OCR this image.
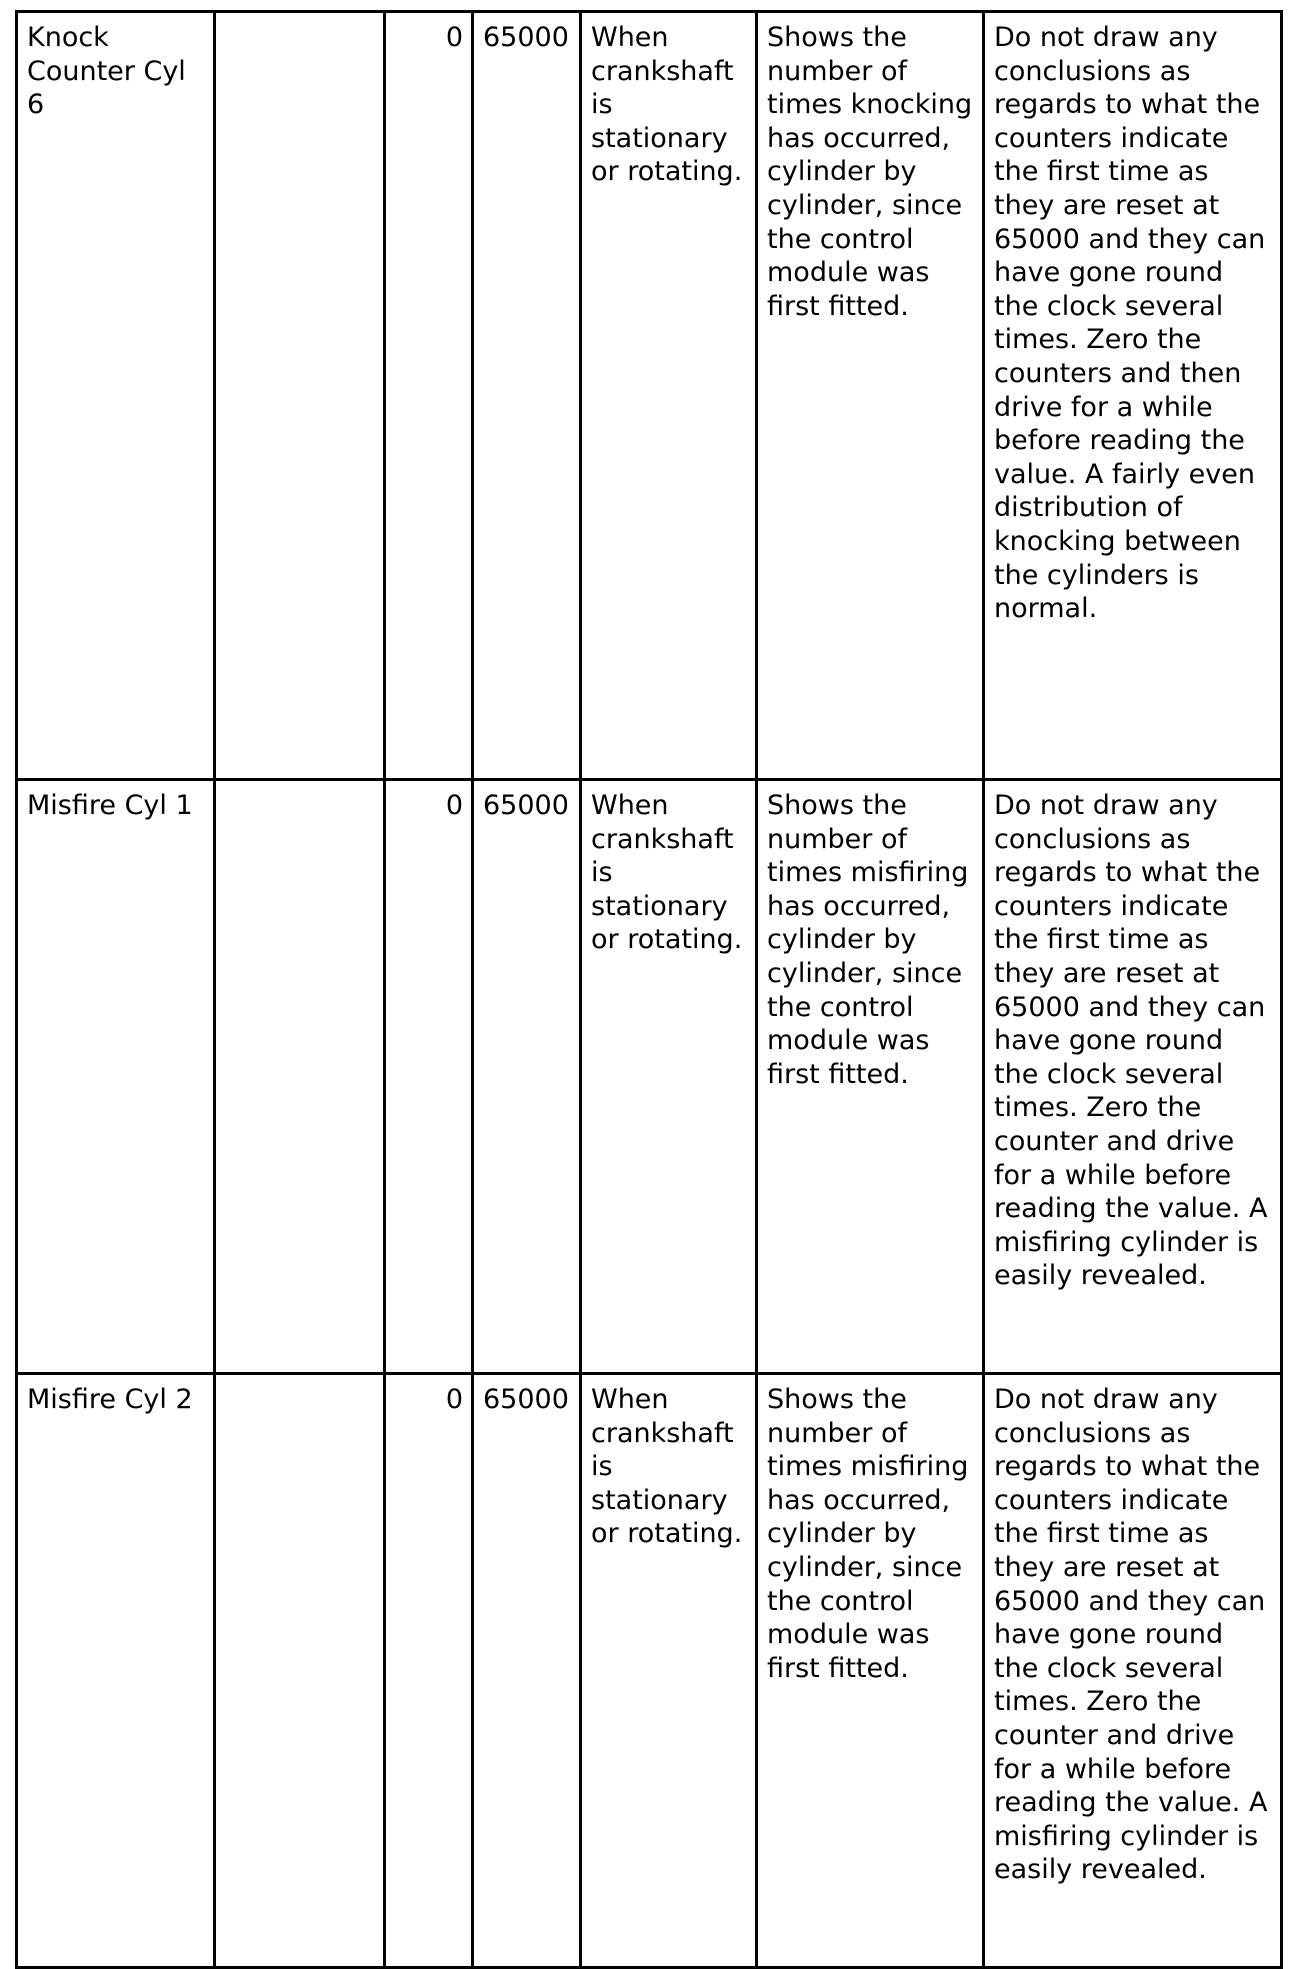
Knock Counter Cyl 6		0	65000	When crankshaft is stationary or rotating.	Shows the number of times knocking has occurred, cylinder by cylinder, since the control module was first fitted.	Do not draw any conclusions as regards to what the counters indicate the first time as they are reset at 65000 and they can have gone round the clock several times. Zero the counters and then drive for a while before reading the value. A fairly even distribution of knocking between the cylinders is normal.
Misfire Cyl 1		0	65000	When crankshaft is stationary or rotating.	Shows the number of times misfiring has occurred, cylinder by cylinder, since the control module was first fitted.	Do not draw any conclusions as regards to what the counters indicate the first time as they are reset at 65000 and they can have gone round the clock several times. Zero the counter and drive for a while before reading the value. A misfiring cylinder is easily revealed.
Misfire Cyl 2		0	65000	When crankshaft is stationary or rotating.	Shows the number of times misfiring has occurred, cylinder by cylinder, since the control module was first fitted.	Do not draw any conclusions as regards to what the counters indicate the first time as they are reset at 65000 and they can have gone round the clock several times. Zero the counter and drive for a while before reading the value. A misfiring cylinder is easily revealed.
